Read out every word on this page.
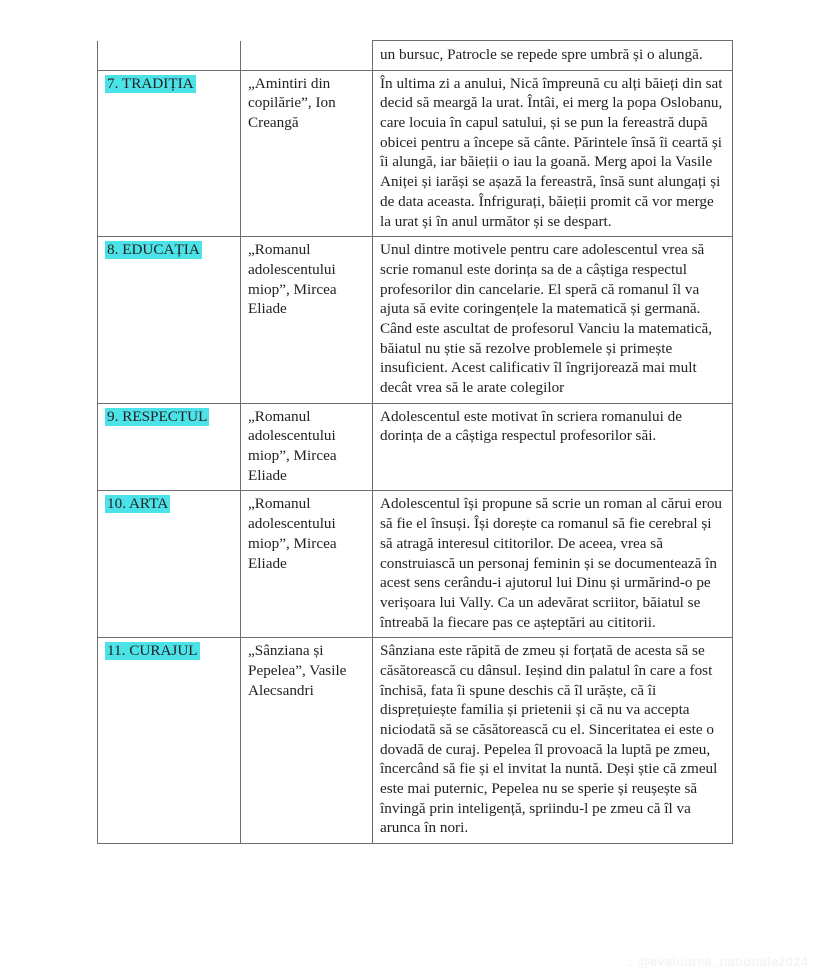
		un bursuc, Patrocle se repede spre umbră și o alungă.
7. TRADIȚIA	„Amintiri din copilărie”, Ion Creangă	În ultima zi a anului, Nică împreună cu alți băieți din sat decid să meargă la urat. Întâi, ei merg la popa Oslobanu, care locuia în capul satului, și se pun la fereastră după obicei pentru a începe să cânte. Părintele însă îi ceartă și îi alungă, iar băieții o iau la goană. Merg apoi la Vasile Aniței și iarăși se așază la fereastră, însă sunt alungați și de data aceasta. Înfrigurați, băieții promit că vor merge la urat și în anul următor și se despart.
8. EDUCAȚIA	„Romanul adolescentului miop”, Mircea Eliade	Unul dintre motivele pentru care adolescentul vrea să scrie romanul este dorința sa de a câștiga respectul profesorilor din cancelarie. El speră că romanul îl va ajuta să evite coringențele la matematică și germană. Când este ascultat de profesorul Vanciu la matematică, băiatul nu știe să rezolve problemele și primește insuficient. Acest calificativ îl îngrijorează mai mult decât vrea să le arate colegilor
9. RESPECTUL	„Romanul adolescentului miop”, Mircea Eliade	Adolescentul este motivat în scriera romanului de dorința de a câștiga respectul profesorilor săi.
10. ARTA	„Romanul adolescentului miop”, Mircea Eliade	Adolescentul își propune să scrie un roman al cărui erou să fie el însuși. Își dorește ca romanul să fie cerebral și să atragă interesul cititorilor. De aceea, vrea să construiască un personaj feminin și se documentează în acest sens cerându-i ajutorul lui Dinu și urmărind-o pe verișoara lui Vally. Ca un adevărat scriitor, băiatul se întreabă la fiecare pas ce așteptări au cititorii.
11. CURAJUL	„Sânziana și Pepelea”, Vasile Alecsandri	Sânziana este răpită de zmeu și forțată de acesta să se căsătorească cu dânsul. Ieșind din palatul în care a fost închisă, fata îi spune deschis că îl urăște, că îi disprețuiește familia și prietenii și că nu va accepta niciodată să se căsătorească cu el. Sinceritatea ei este o dovadă de curaj. Pepelea îl provoacă la luptă pe zmeu, încercând să fie și el invitat la nuntă. Deși știe că zmeul este mai puternic, Pepelea nu se sperie și reușește să învingă prin inteligență, spriindu-l pe zmeu că îl va arunca în nori.
♫ @evaluarea_nationala2024
